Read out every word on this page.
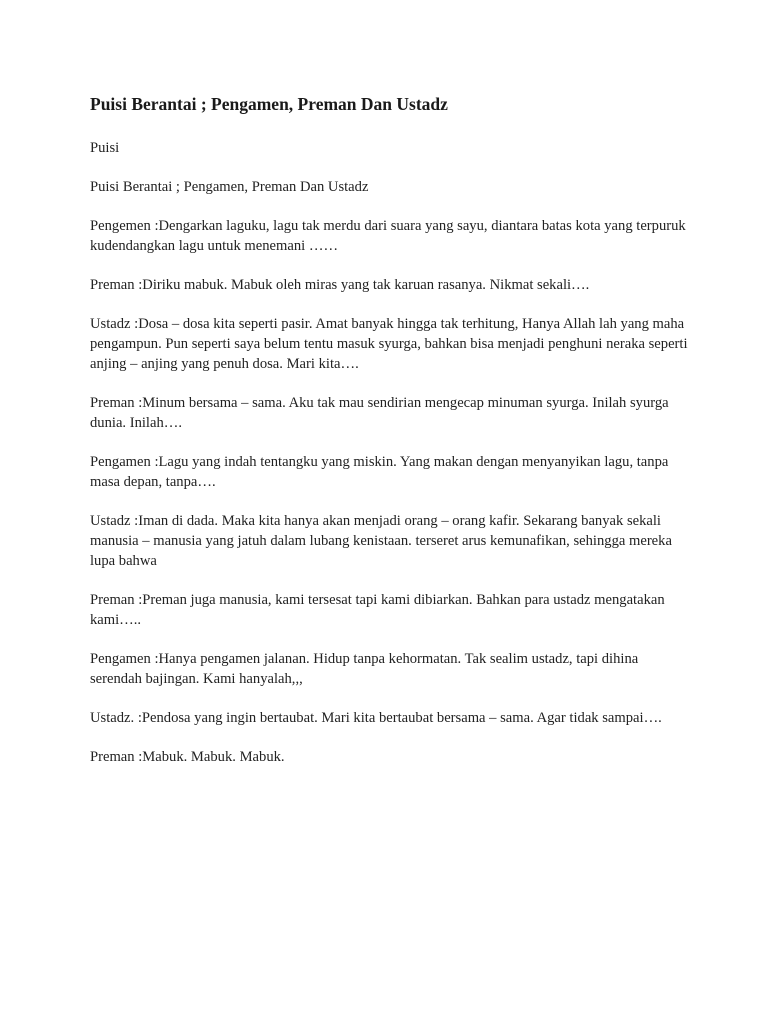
Puisi Berantai ; Pengamen, Preman Dan Ustadz

Puisi

Puisi Berantai ; Pengamen, Preman Dan Ustadz

Pengemen :Dengarkan laguku, lagu tak merdu dari suara yang sayu, diantara batas kota yang terpuruk kudendangkan lagu untuk menemani ……

Preman :Diriku mabuk. Mabuk oleh miras yang tak karuan rasanya. Nikmat sekali….

Ustadz :Dosa – dosa kita seperti pasir. Amat banyak hingga tak terhitung, Hanya Allah lah yang maha pengampun. Pun seperti saya belum tentu masuk syurga, bahkan bisa menjadi penghuni neraka seperti anjing – anjing yang penuh dosa. Mari kita….

Preman :Minum bersama – sama. Aku tak mau sendirian mengecap minuman syurga. Inilah syurga dunia. Inilah….

Pengamen :Lagu yang indah tentangku yang miskin. Yang makan dengan menyanyikan lagu, tanpa masa depan, tanpa….

Ustadz :Iman di dada. Maka kita hanya akan menjadi orang – orang kafir. Sekarang banyak sekali manusia – manusia yang jatuh dalam lubang kenistaan. terseret arus kemunafikan, sehingga mereka lupa bahwa

Preman :Preman juga manusia, kami tersesat tapi kami dibiarkan. Bahkan para ustadz mengatakan kami…..

Pengamen :Hanya pengamen jalanan. Hidup tanpa kehormatan. Tak sealim ustadz, tapi dihina serendah bajingan. Kami hanyalah,,,

Ustadz. :Pendosa yang ingin bertaubat. Mari kita bertaubat bersama – sama. Agar tidak sampai….

Preman :Mabuk. Mabuk. Mabuk.
